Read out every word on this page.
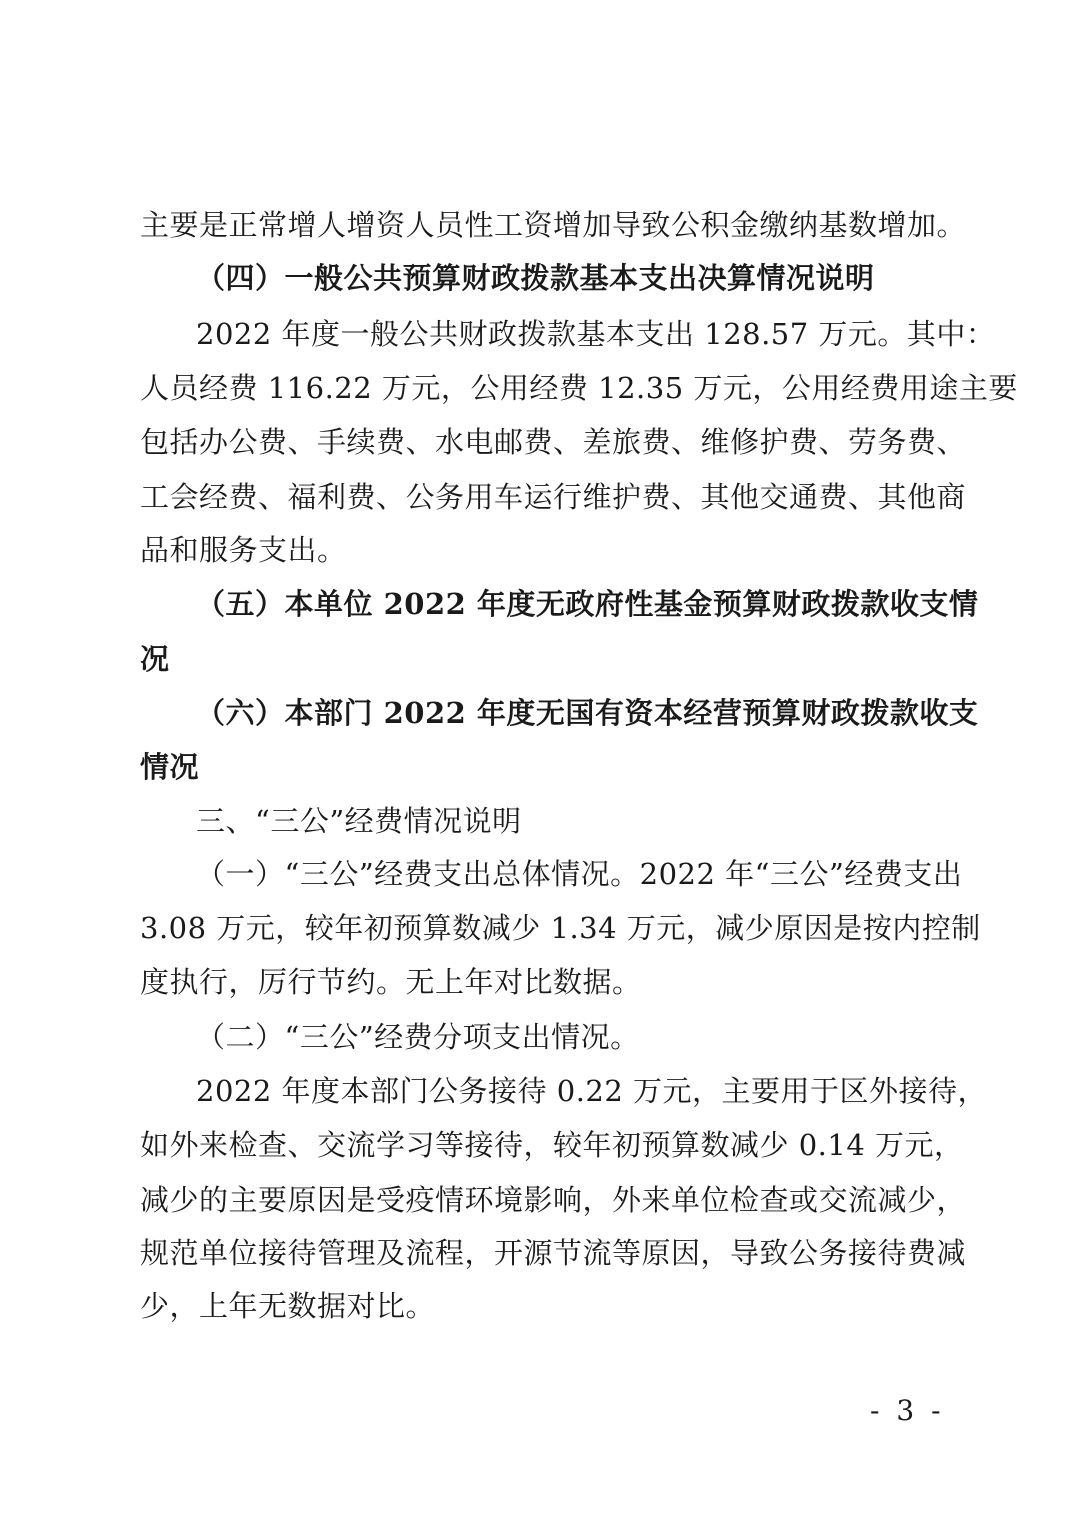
主要是正常增人增资人员性工资增加导致公积金缴纳基数增加。
（四）一般公共预算财政拨款基本支出决算情况说明
2022 年度一般公共财政拨款基本支出 128.57 万元。其中：
人员经费 116.22 万元，公用经费 12.35 万元，公用经费用途主要
包括办公费、手续费、水电邮费、差旅费、维修护费、劳务费、
工会经费、福利费、公务用车运行维护费、其他交通费、其他商
品和服务支出。
（五）本单位 2022 年度无政府性基金预算财政拨款收支情
况
（六）本部门 2022 年度无国有资本经营预算财政拨款收支
情况
三、“三公”经费情况说明
（一）“三公”经费支出总体情况。2022 年“三公”经费支出
3.08 万元，较年初预算数减少 1.34 万元，减少原因是按内控制
度执行，厉行节约。无上年对比数据。
（二）“三公”经费分项支出情况。
2022 年度本部门公务接待 0.22 万元，主要用于区外接待，
如外来检查、交流学习等接待，较年初预算数减少 0.14 万元，
减少的主要原因是受疫情环境影响，外来单位检查或交流减少，
规范单位接待管理及流程，开源节流等原因，导致公务接待费减
少，上年无数据对比。
- 3 -
